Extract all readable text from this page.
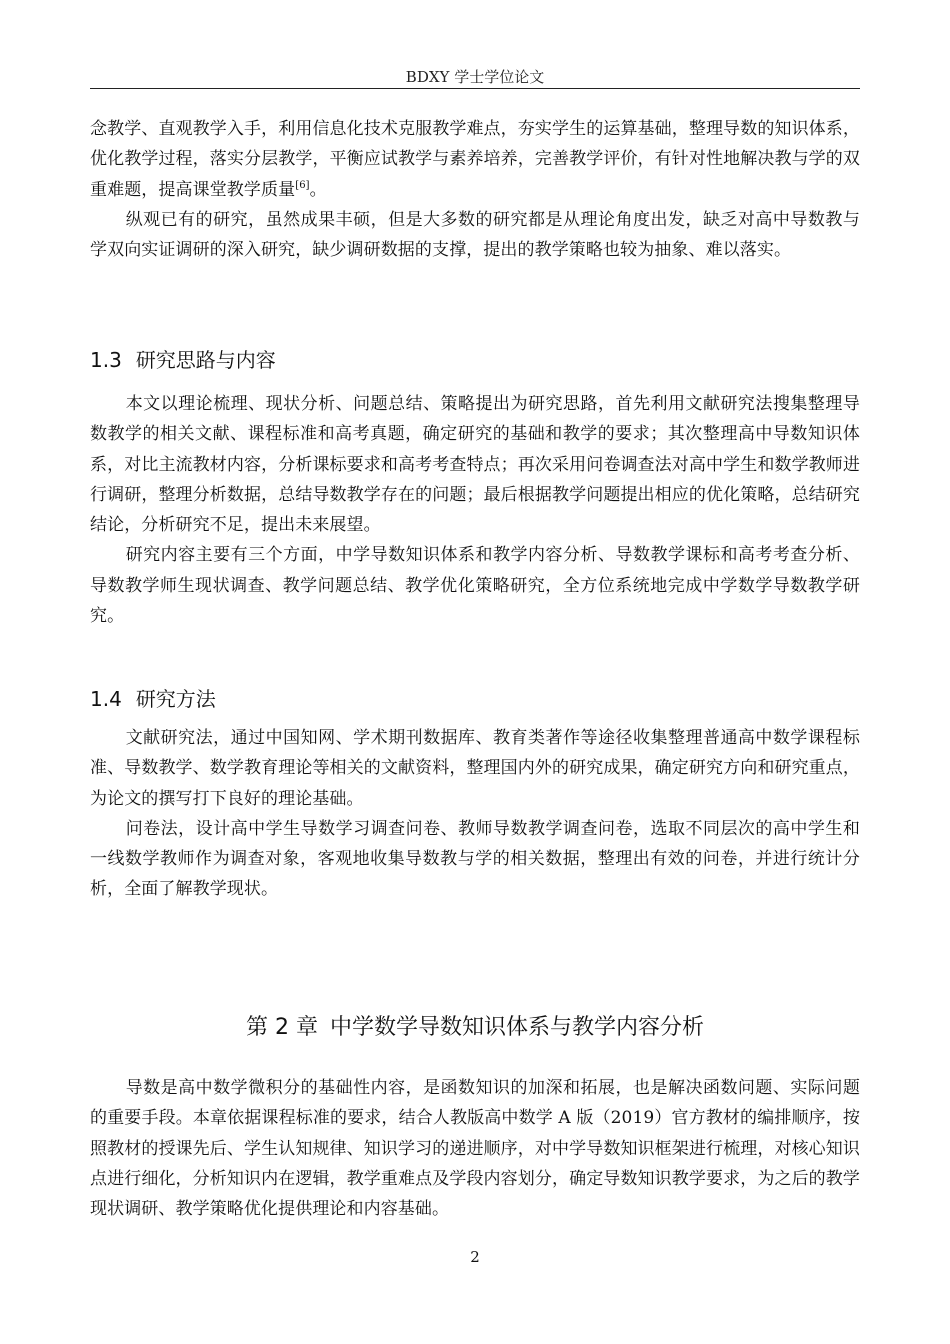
BDXY 学士学位论文

念教学、直观教学入手，利用信息化技术克服教学难点，夯实学生的运算基础，整理导数的知识体系，优化教学过程，落实分层教学，平衡应试教学与素养培养，完善教学评价，有针对性地解决教与学的双重难题，提高课堂教学质量[6]。

纵观已有的研究，虽然成果丰硕，但是大多数的研究都是从理论角度出发，缺乏对高中导数教与学双向实证调研的深入研究，缺少调研数据的支撑，提出的教学策略也较为抽象、难以落实。

1.3 研究思路与内容

本文以理论梳理、现状分析、问题总结、策略提出为研究思路，首先利用文献研究法搜集整理导数教学的相关文献、课程标准和高考真题，确定研究的基础和教学的要求；其次整理高中导数知识体系，对比主流教材内容，分析课标要求和高考考查特点；再次采用问卷调查法对高中学生和数学教师进行调研，整理分析数据，总结导数教学存在的问题；最后根据教学问题提出相应的优化策略，总结研究结论，分析研究不足，提出未来展望。

研究内容主要有三个方面，中学导数知识体系和教学内容分析、导数教学课标和高考考查分析、导数教学师生现状调查、教学问题总结、教学优化策略研究，全方位系统地完成中学数学导数教学研究。

1.4 研究方法

文献研究法，通过中国知网、学术期刊数据库、教育类著作等途径收集整理普通高中数学课程标准、导数教学、数学教育理论等相关的文献资料，整理国内外的研究成果，确定研究方向和研究重点，为论文的撰写打下良好的理论基础。

问卷法，设计高中学生导数学习调查问卷、教师导数教学调查问卷，选取不同层次的高中学生和一线数学教师作为调查对象，客观地收集导数教与学的相关数据，整理出有效的问卷，并进行统计分析，全面了解教学现状。

第 2 章 中学数学导数知识体系与教学内容分析

导数是高中数学微积分的基础性内容，是函数知识的加深和拓展，也是解决函数问题、实际问题的重要手段。本章依据课程标准的要求，结合人教版高中数学 A 版（2019）官方教材的编排顺序，按照教材的授课先后、学生认知规律、知识学习的递进顺序，对中学导数知识框架进行梳理，对核心知识点进行细化，分析知识内在逻辑，教学重难点及学段内容划分，确定导数知识教学要求，为之后的教学现状调研、教学策略优化提供理论和内容基础。

2
